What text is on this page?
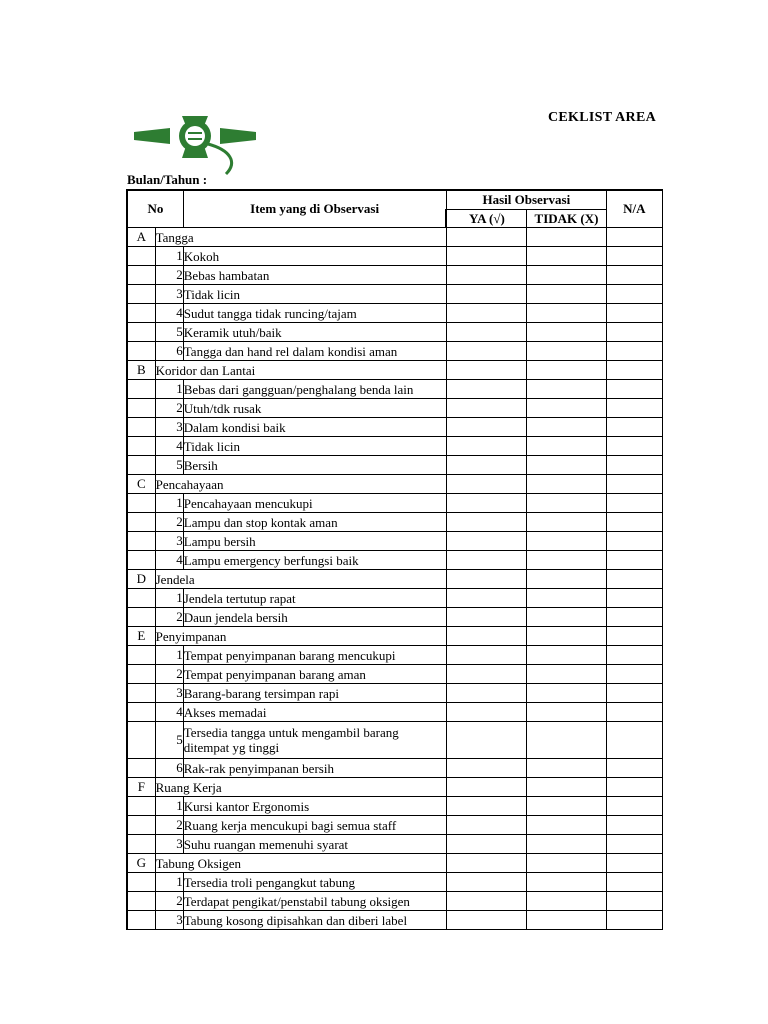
CEKLIST AREA
Bulan/Tahun :
No		Item yang di Observasi	Hasil Observasi		N/A
			YA (√)	TIDAK (X)	
A	Tangga				
	1	Kokoh			
	2	Bebas hambatan			
	3	Tidak licin			
	4	Sudut tangga tidak runcing/tajam			
	5	Keramik utuh/baik			
	6	Tangga dan hand rel dalam kondisi aman			
B	Koridor dan Lantai				
	1	Bebas dari gangguan/penghalang benda lain			
	2	Utuh/tdk rusak			
	3	Dalam kondisi baik			
	4	Tidak licin			
	5	Bersih			
C	Pencahayaan				
	1	Pencahayaan mencukupi			
	2	Lampu dan stop kontak aman			
	3	Lampu bersih			
	4	Lampu emergency berfungsi baik			
D	Jendela				
	1	Jendela tertutup rapat			
	2	Daun jendela bersih			
E	Penyimpanan				
	1	Tempat penyimpanan barang mencukupi			
	2	Tempat penyimpanan barang aman			
	3	Barang-barang tersimpan rapi			
	4	Akses memadai			
	5	Tersedia tangga untuk mengambil barang ditempat yg tinggi			
	6	Rak-rak penyimpanan bersih			
F	Ruang Kerja				
	1	Kursi kantor Ergonomis			
	2	Ruang kerja mencukupi bagi semua staff			
	3	Suhu ruangan memenuhi syarat			
G	Tabung Oksigen				
	1	Tersedia troli pengangkut tabung			
	2	Terdapat pengikat/penstabil tabung oksigen			
	3	Tabung kosong dipisahkan dan diberi label			
